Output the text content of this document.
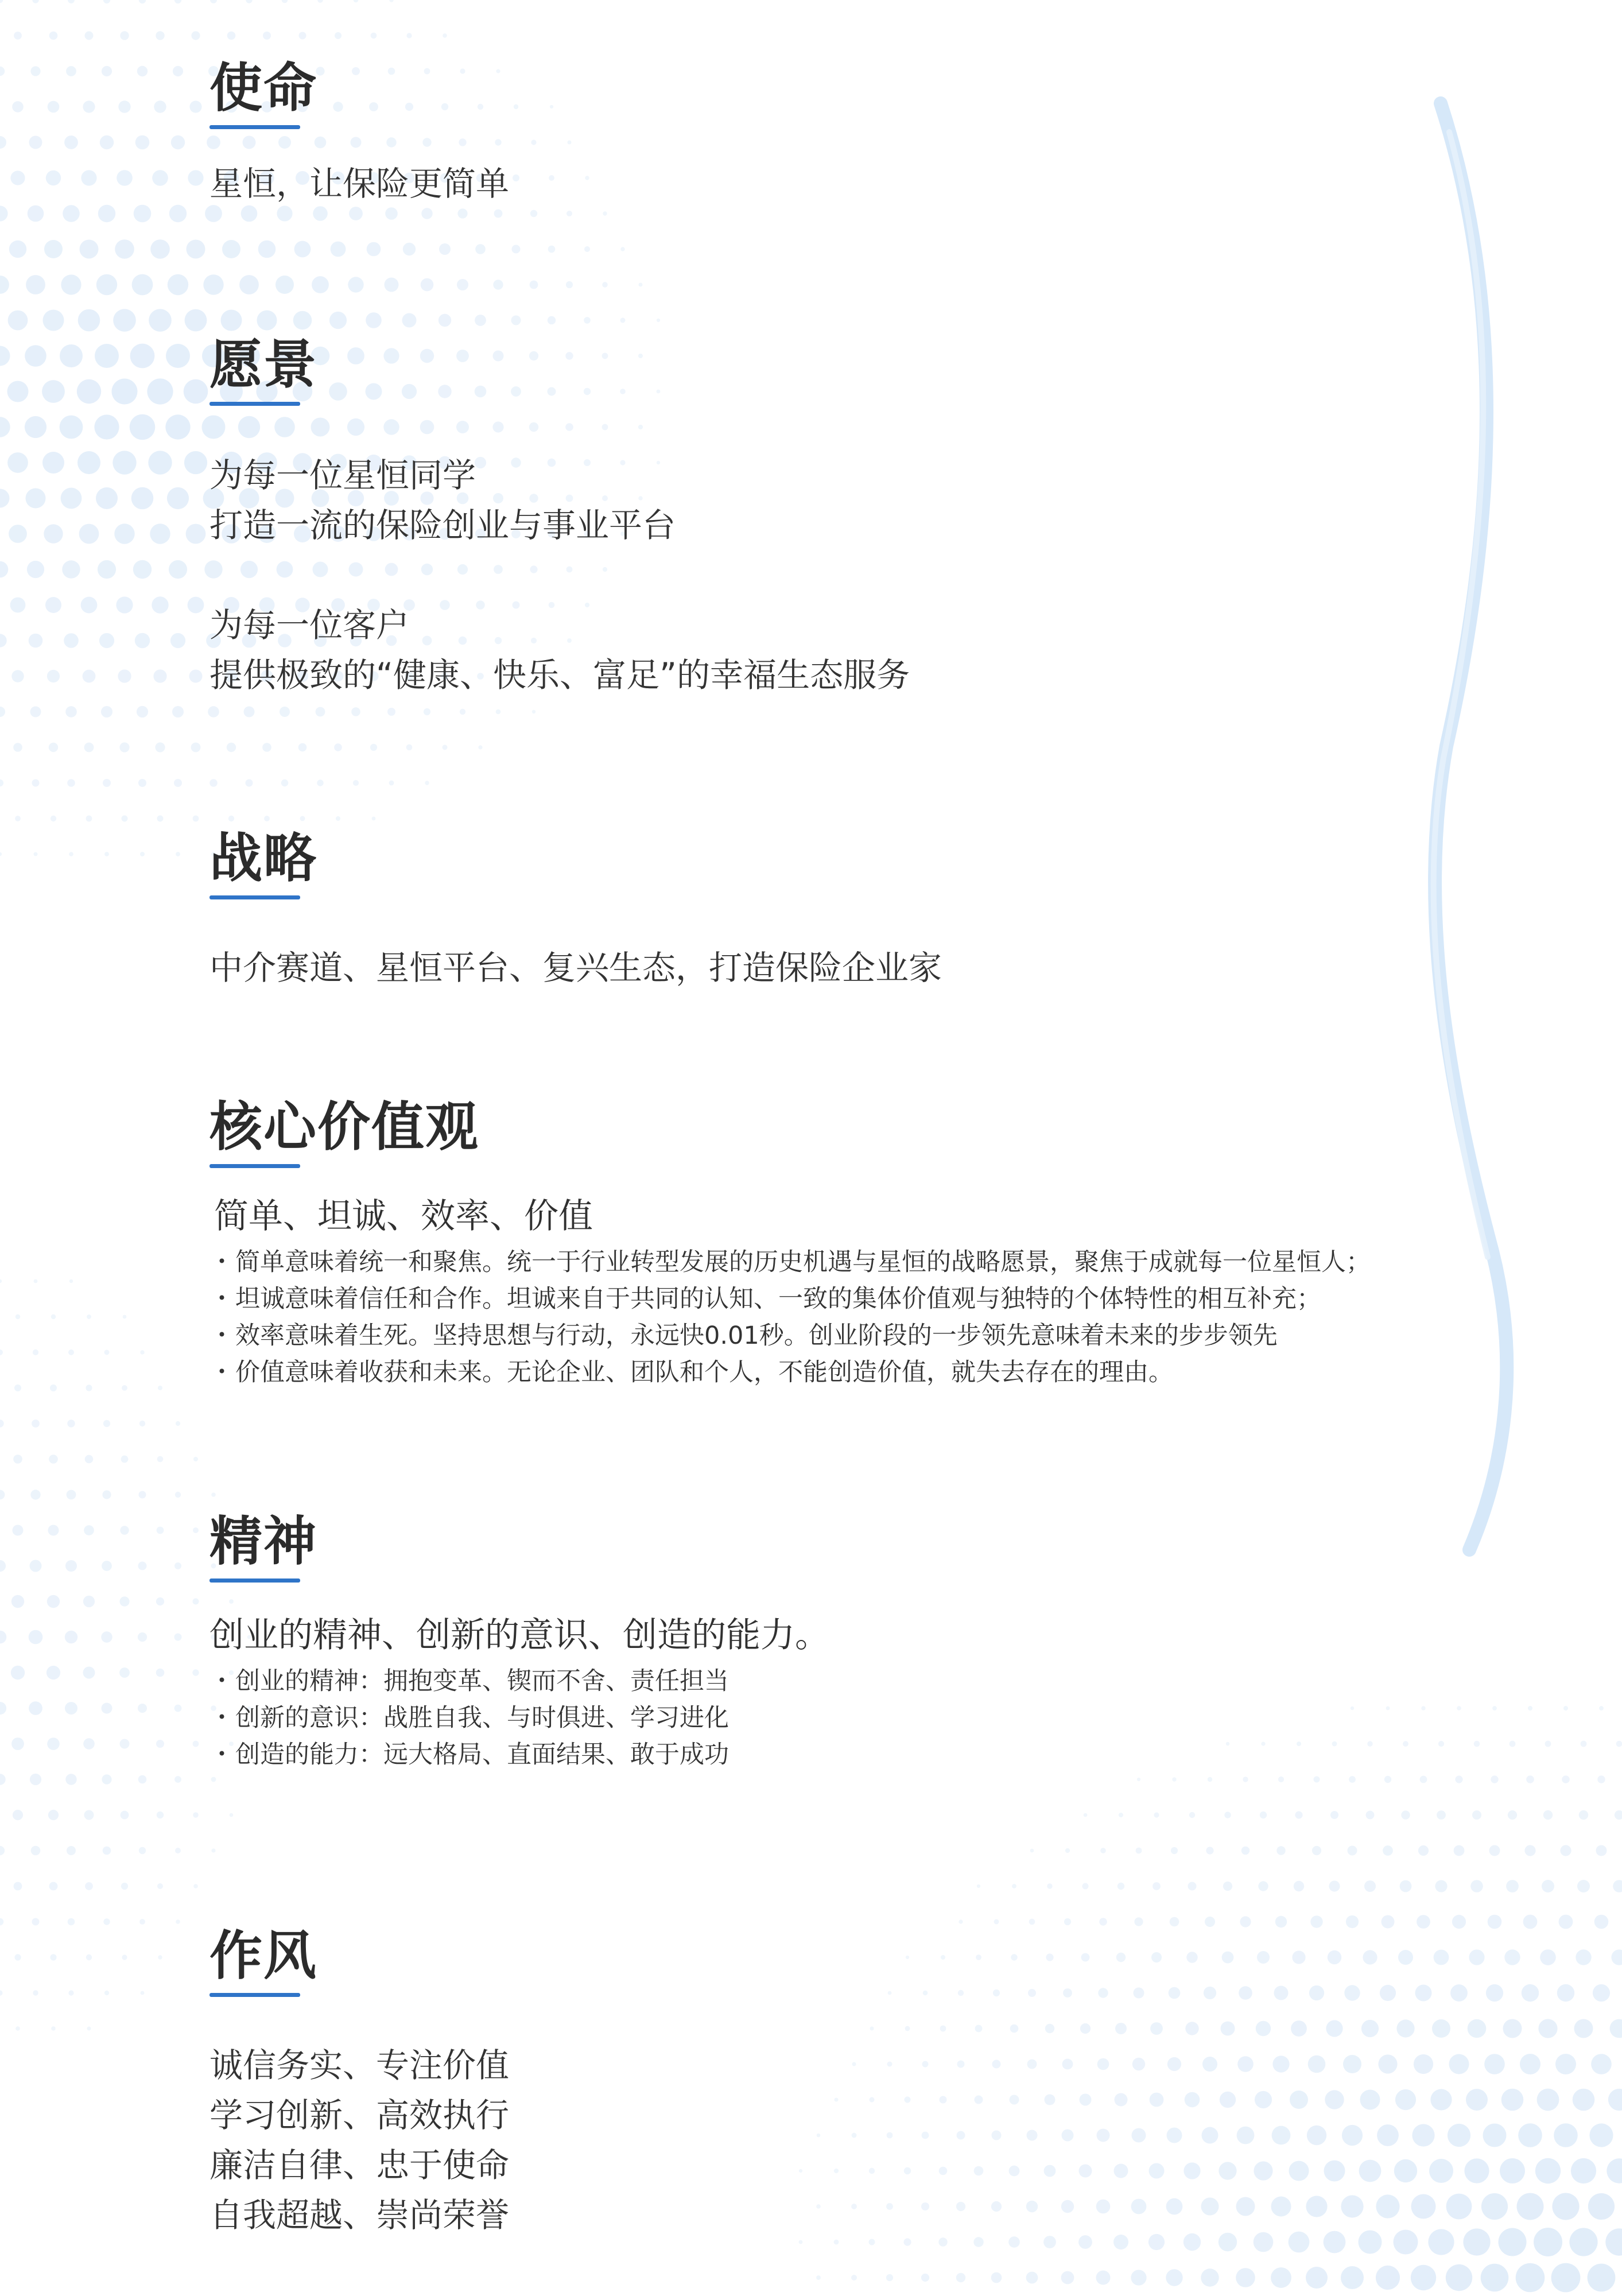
使命
星恒，让保险更简单
愿景
为每一位星恒同学
打造一流的保险创业与事业平台
为每一位客户
提供极致的“健康、快乐、富足”的幸福生态服务
战略
中介赛道、星恒平台、复兴生态，打造保险企业家
核心价值观
简单、坦诚、效率、价值
・ 简单意味着统一和聚焦。统一于行业转型发展的历史机遇与星恒的战略愿景，聚焦于成就每一位星恒人；
・ 坦诚意味着信任和合作。坦诚来自于共同的认知、一致的集体价值观与独特的个体特性的相互补充；
・ 效率意味着生死。坚持思想与行动，永远快0.01秒。创业阶段的一步领先意味着未来的步步领先
・ 价值意味着收获和未来。无论企业、团队和个人，不能创造价值，就失去存在的理由。
精神
创业的精神、创新的意识、创造的能力。
・ 创业的精神：拥抱变革、锲而不舍、责任担当
・ 创新的意识：战胜自我、与时俱进、学习进化
・ 创造的能力：远大格局、直面结果、敢于成功
作风
诚信务实、专注价值
学习创新、高效执行
廉洁自律、忠于使命
自我超越、崇尚荣誉
